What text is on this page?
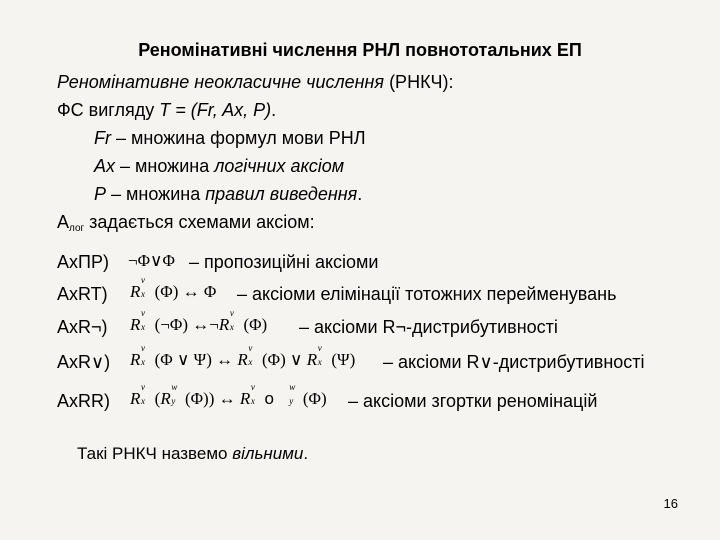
Реномінативні числення РНЛ повнототальних ЕП
Реномінативне неокласичне числення (РНКЧ):
ФС вигляду T = (Fr, Ax, P).
Fr – множина формул мови РНЛ
Ax – множина логічних аксіом
P – множина правил виведення.
$А_{лог}$ задається схемами аксіом:
AxПР) ¬Φ∨Φ – пропозиційні аксіоми
AxRT) R
v
x (Φ) ↔ Φ – аксіоми елімінації тотожних перейменувань
AxR¬) R
v
x (¬Φ) ↔¬R
v
x (Φ) – аксіоми R¬-дистрибутивності
AxR∨) R
v
x (Φ ∨ Ψ) ↔ R
v
x (Φ) ∨ R
v
x (Ψ) – аксіоми R∨-дистрибутивності
AxRR) R
v
x (R
w
y (Φ)) ↔ R
v
x o
w
y (Φ) – аксіоми згортки реномінацій
Такі РНКЧ назвемо вільними.
16
